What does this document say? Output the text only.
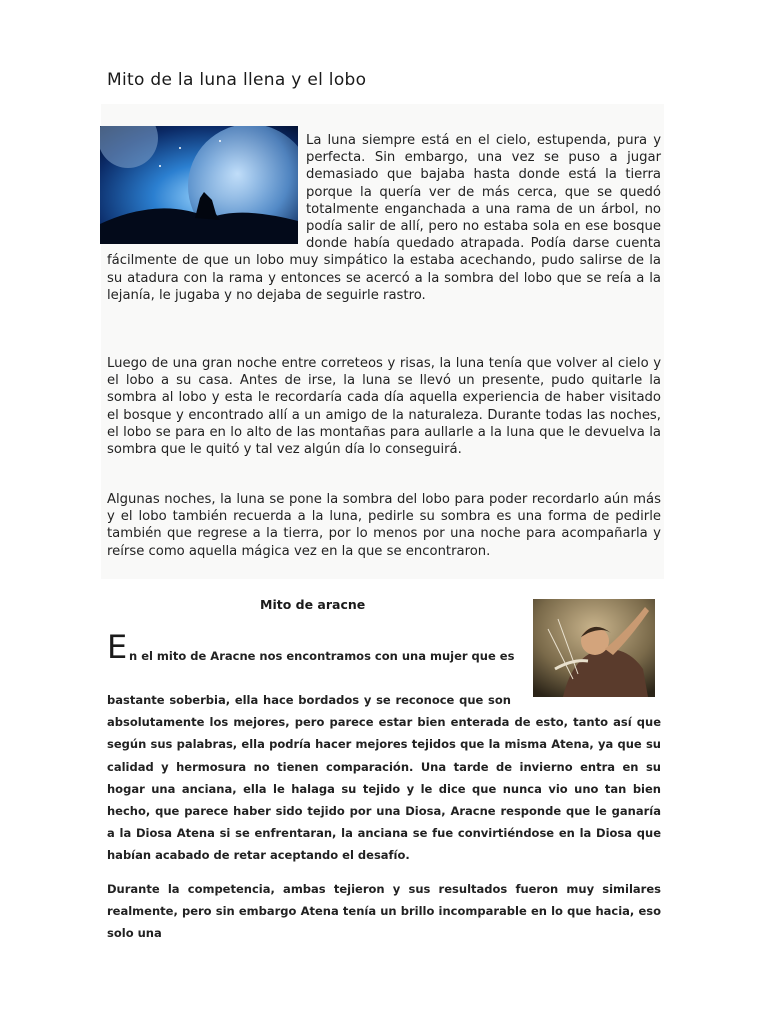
Mito de la luna llena y el lobo
La luna siempre está en el cielo, estupenda, pura y perfecta. Sin embargo, una vez se puso a jugar demasiado que bajaba hasta donde está la tierra porque la quería ver de más cerca, que se quedó totalmente enganchada a una rama de un árbol, no podía salir de allí, pero no estaba sola en ese bosque donde había quedado atrapada. Podía darse cuenta fácilmente de que un lobo muy simpático la estaba acechando, pudo salirse de la su atadura con la rama y entonces se acercó a la sombra del lobo que se reía a la lejanía, le jugaba y no dejaba de seguirle rastro.
Luego de una gran noche entre correteos y risas, la luna tenía que volver al cielo y el lobo a su casa. Antes de irse, la luna se llevó un presente, pudo quitarle la sombra al lobo y esta le recordaría cada día aquella experiencia de haber visitado el bosque y encontrado allí a un amigo de la naturaleza. Durante todas las noches, el lobo se para en lo alto de las montañas para aullarle a la luna que le devuelva la sombra que le quitó y tal vez algún día lo conseguirá.
Algunas noches, la luna se pone la sombra del lobo para poder recordarlo aún más y el lobo también recuerda a la luna, pedirle su sombra es una forma de pedirle también que regrese a la tierra, por lo menos por una noche para acompañarla y reírse como aquella mágica vez en la que se encontraron.
Mito de aracne
E n el mito de Aracne nos encontramos con una mujer que es
bastante soberbia, ella hace bordados y se reconoce que son absolutamente los mejores, pero parece estar bien enterada de esto, tanto así que según sus palabras, ella podría hacer mejores tejidos que la misma Atena, ya que su calidad y hermosura no tienen comparación. Una tarde de invierno entra en su hogar una anciana, ella le halaga su tejido y le dice que nunca vio uno tan bien hecho, que parece haber sido tejido por una Diosa, Aracne responde que le ganaría a la Diosa Atena si se enfrentaran, la anciana se fue convirtiéndose en la Diosa que habían acabado de retar aceptando el desafío.
Durante la competencia, ambas tejieron y sus resultados fueron muy similares realmente, pero sin embargo Atena tenía un brillo incomparable en lo que hacia, eso solo una
